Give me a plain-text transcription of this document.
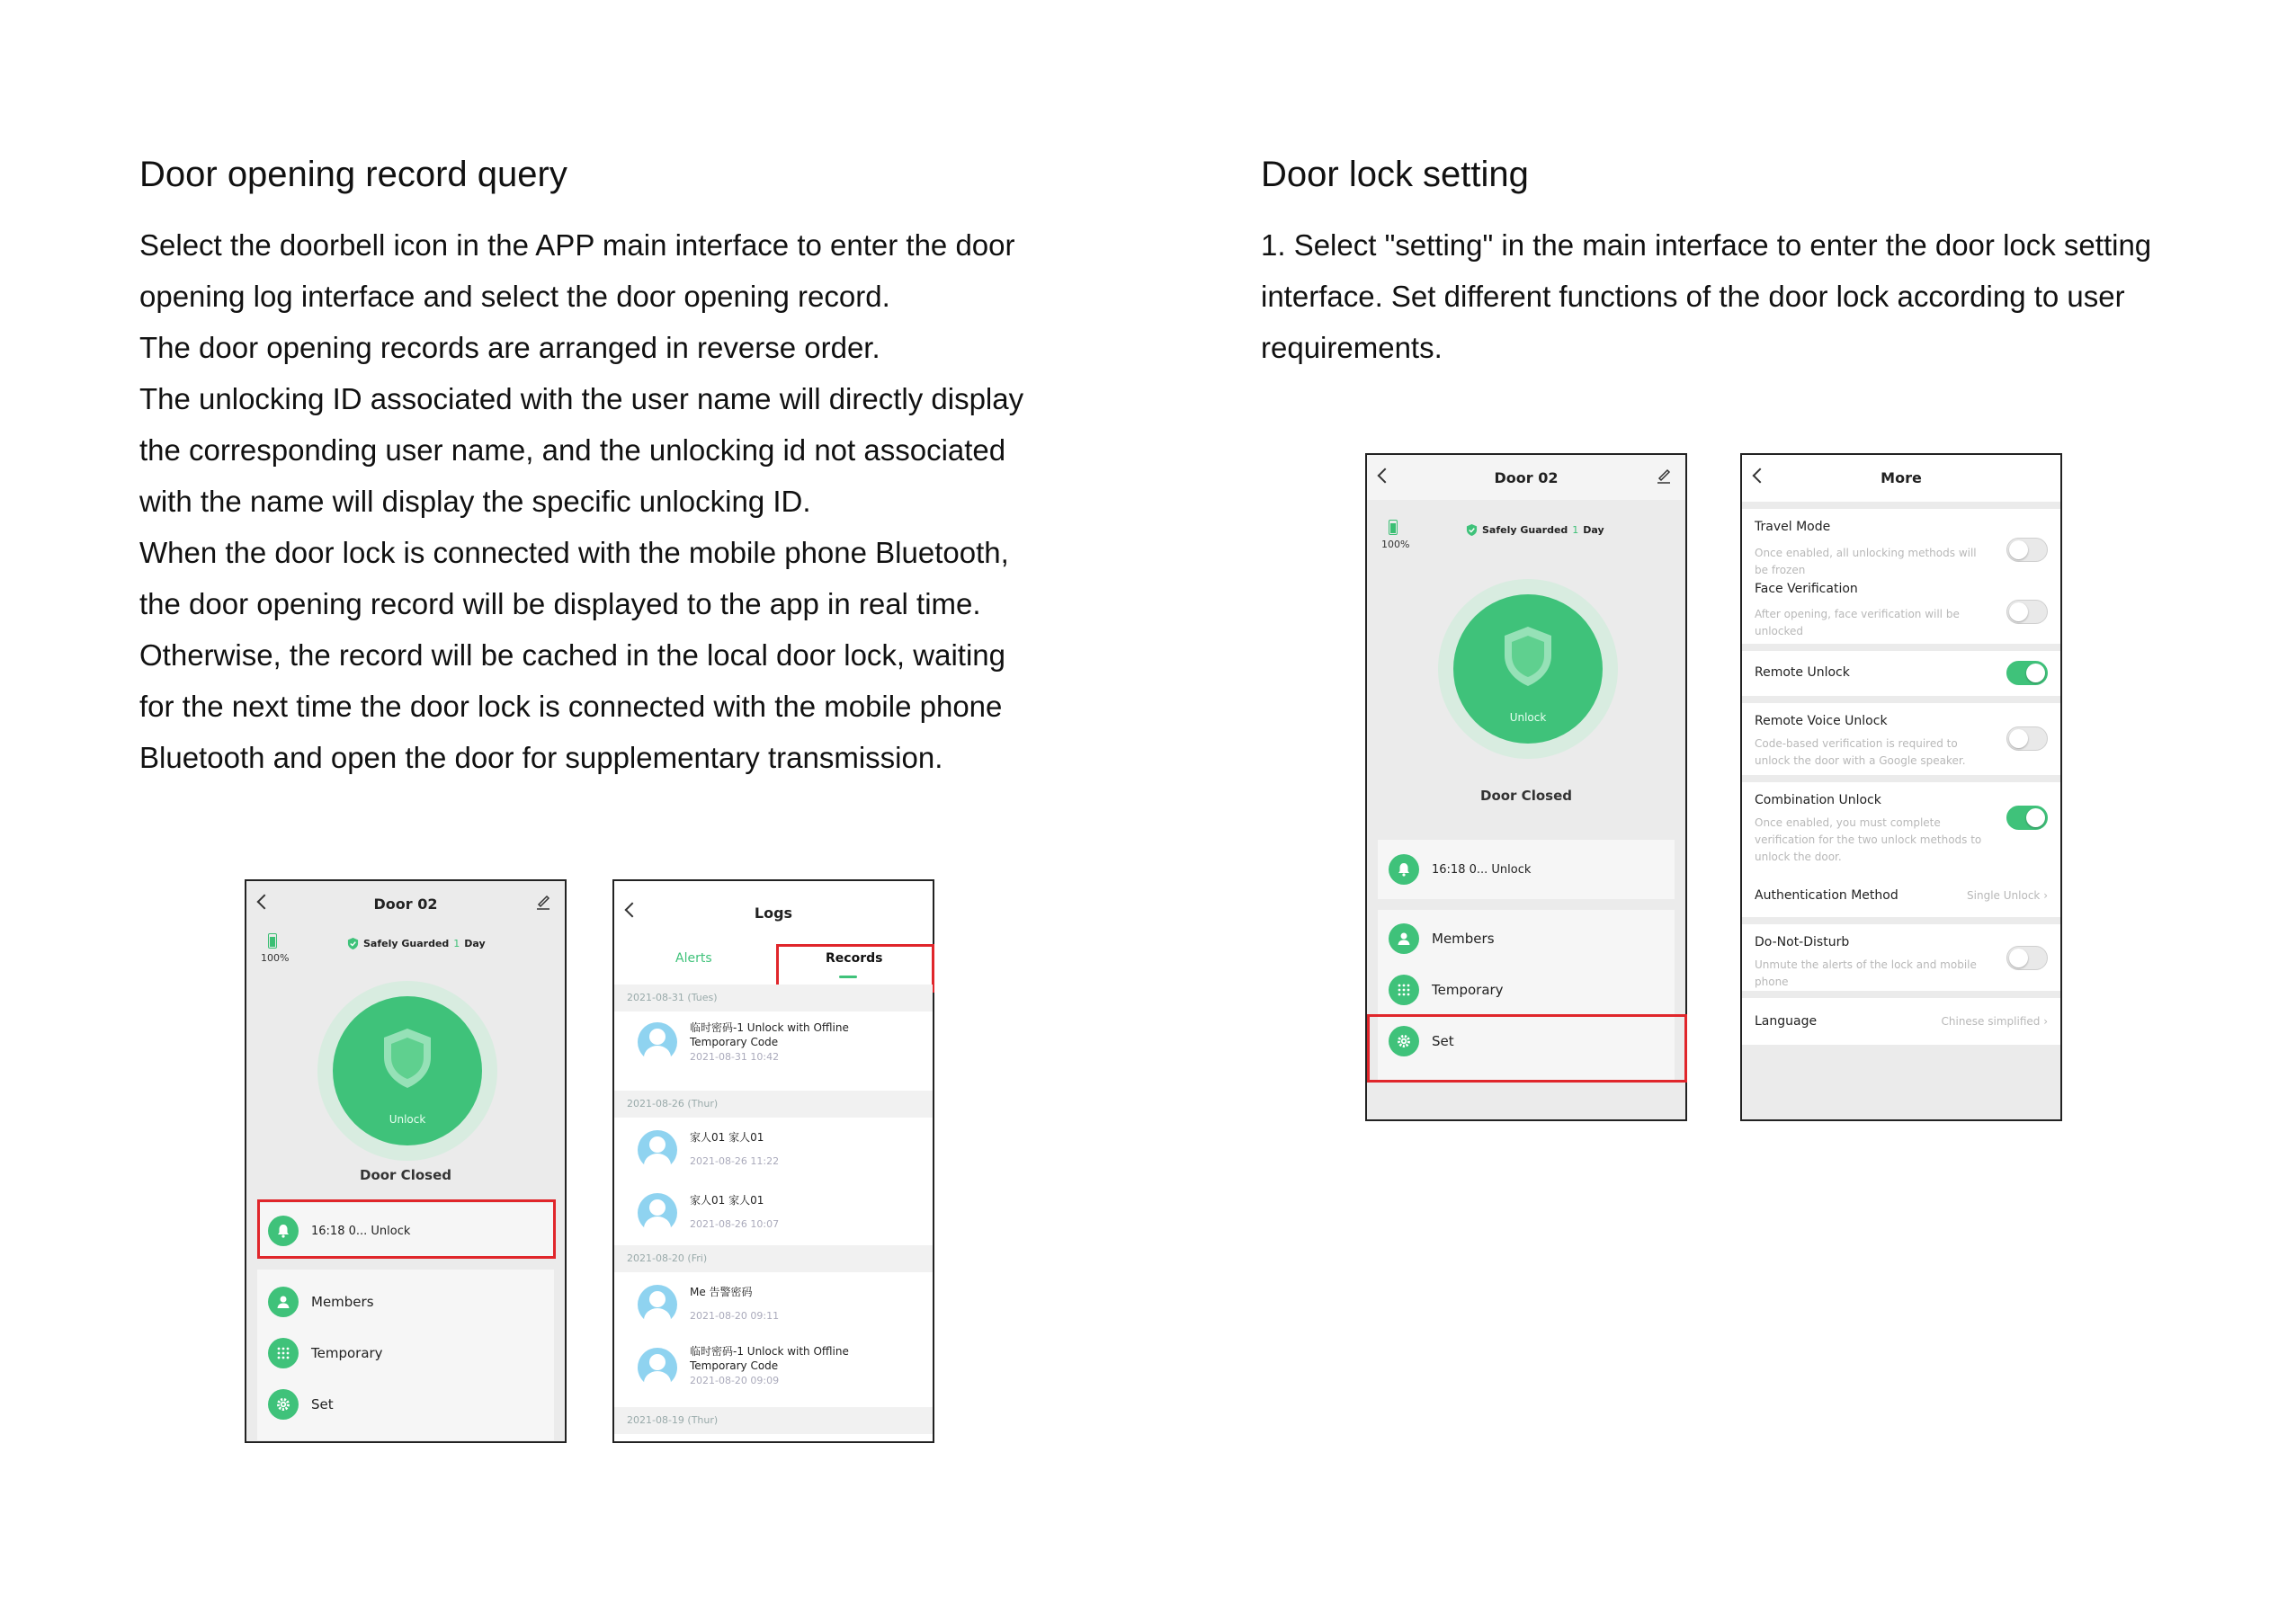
Door opening record query

Select the doorbell icon in the APP main interface to enter the door

opening log interface and select the door opening record.

The door opening records are arranged in reverse order.

The unlocking ID associated with the user name will directly display

the corresponding user name, and the unlocking id not associated

with the name will display the specific unlocking ID.

When the door lock is connected with the mobile phone Bluetooth,

the door opening record will be displayed to the app in real time.

Otherwise, the record will be cached in the local door lock, waiting

for the next time the door lock is connected with the mobile phone

Bluetooth and open the door for supplementary transmission.

Door lock setting

1. Select "setting" in the main interface to enter the door lock setting

interface. Set different functions of the door lock according to user

requirements.

Door 02
100%
Safely Guarded 1 Day
Unlock
Door Closed
16:18 0... Unlock
Members
Temporary
Set
Logs
Alerts	Records
2021-08-31 (Tues)
临时密码-1 Unlock with Offline Temporary Code
2021-08-31 10:42
2021-08-26 (Thur)
家人01 家人01
2021-08-26 11:22
家人01 家人01
2021-08-26 10:07
2021-08-20 (Fri)
Me 告警密码
2021-08-20 09:11
临时密码-1 Unlock with Offline Temporary Code
2021-08-20 09:09
2021-08-19 (Thur)
Door 02
100%
Safely Guarded 1 Day
Unlock
Door Closed
16:18 0... Unlock
Members
Temporary
Set
More
Travel Mode
Once enabled, all unlocking methods will be frozen
Face Verification
After opening, face verification will be unlocked
Remote Unlock
Remote Voice Unlock
Code-based verification is required to unlock the door with a Google speaker.
Combination Unlock
Once enabled, you must complete verification for the two unlock methods to unlock the door.
Authentication Method	Single Unlock ›
Do-Not-Disturb
Unmute the alerts of the lock and mobile phone
Language	Chinese simplified ›
